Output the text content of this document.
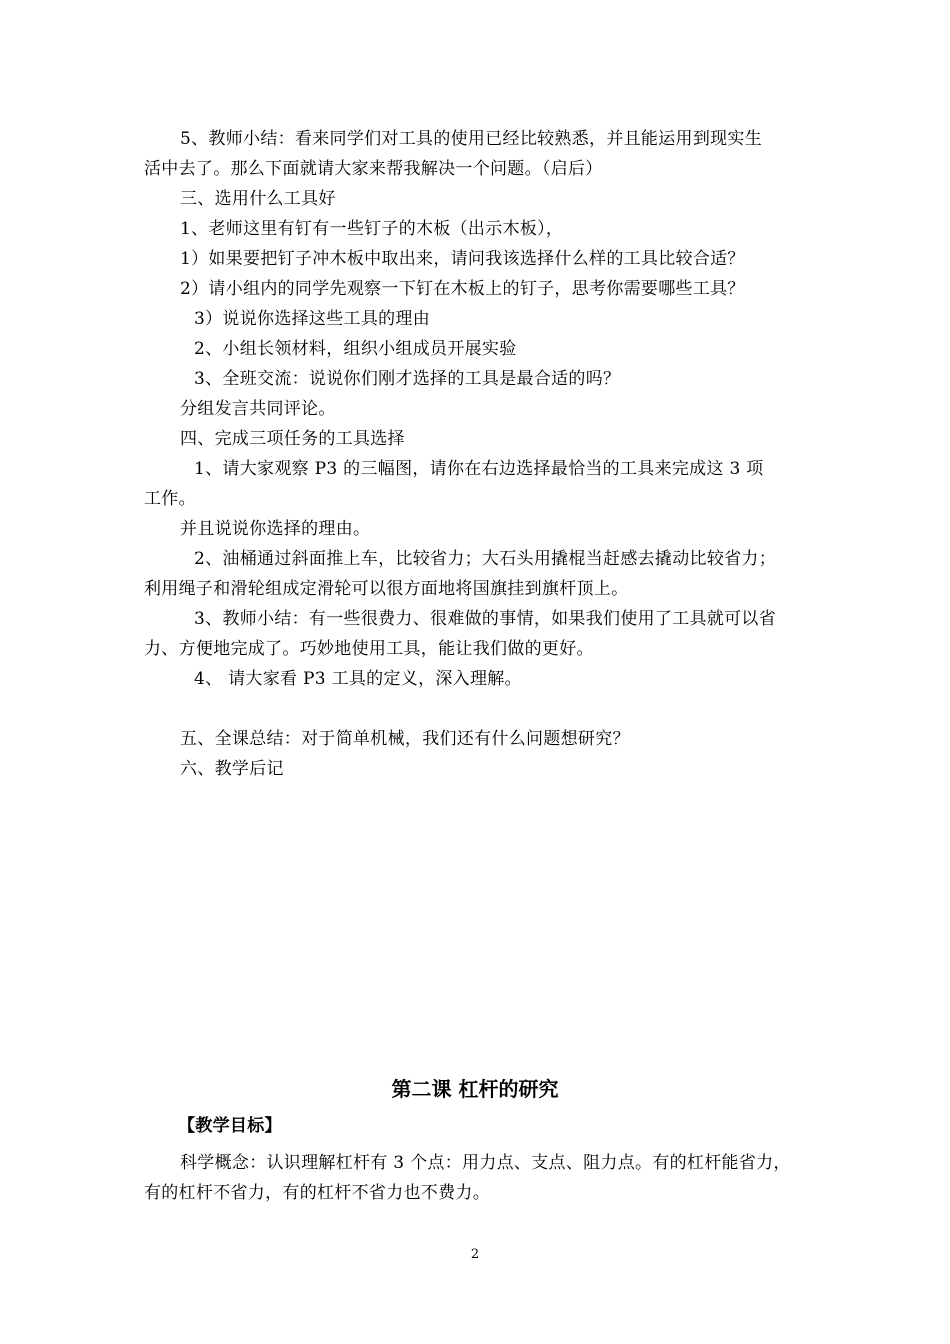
5、教师小结：看来同学们对工具的使用已经比较熟悉，并且能运用到现实生
活中去了。那么下面就请大家来帮我解决一个问题。（启后）
三、选用什么工具好
1、老师这里有钉有一些钉子的木板（出示木板），
1）如果要把钉子冲木板中取出来，请问我该选择什么样的工具比较合适？
2）请小组内的同学先观察一下钉在木板上的钉子，思考你需要哪些工具？
3）说说你选择这些工具的理由
2、小组长领材料，组织小组成员开展实验
3、全班交流：说说你们刚才选择的工具是最合适的吗？
分组发言共同评论。
四、完成三项任务的工具选择
1、请大家观察 P3 的三幅图，请你在右边选择最恰当的工具来完成这 3 项
工作。
并且说说你选择的理由。
2、油桶通过斜面推上车，比较省力；大石头用撬棍当赶感去撬动比较省力；
利用绳子和滑轮组成定滑轮可以很方面地将国旗挂到旗杆顶上。
3、教师小结：有一些很费力、很难做的事情，如果我们使用了工具就可以省
力、方便地完成了。巧妙地使用工具，能让我们做的更好。
4、 请大家看 P3 工具的定义，深入理解。
五、全课总结：对于简单机械，我们还有什么问题想研究？
六、教学后记
第二课 杠杆的研究
【教学目标】
科学概念：认识理解杠杆有 3 个点：用力点、支点、阻力点。有的杠杆能省力，
有的杠杆不省力，有的杠杆不省力也不费力。
2
